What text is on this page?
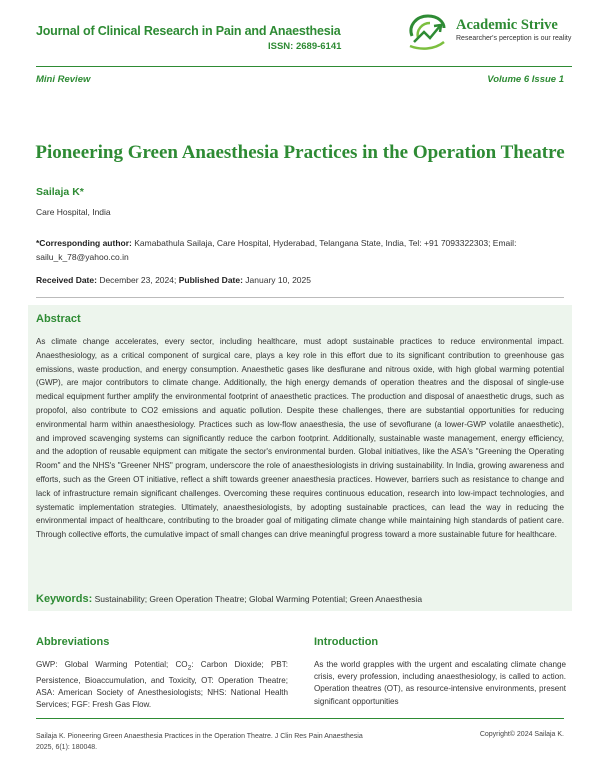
Journal of Clinical Research in Pain and Anaesthesia
ISSN: 2689-6141
Academic Strive
Researcher's perception is our reality
Mini Review	Volume 6 Issue 1
Pioneering Green Anaesthesia Practices in the Operation Theatre
Sailaja K*
Care Hospital, India
*Corresponding author: Kamabathula Sailaja, Care Hospital, Hyderabad, Telangana State, India, Tel: +91 7093322303; Email: sailu_k_78@yahoo.co.in
Received Date: December 23, 2024; Published Date: January 10, 2025
Abstract
As climate change accelerates, every sector, including healthcare, must adopt sustainable practices to reduce environmental impact. Anaesthesiology, as a critical component of surgical care, plays a key role in this effort due to its significant contribution to greenhouse gas emissions, waste production, and energy consumption. Anaesthetic gases like desflurane and nitrous oxide, with high global warming potential (GWP), are major contributors to climate change. Additionally, the high energy demands of operation theatres and the disposal of single-use medical equipment further amplify the environmental footprint of anaesthetic practices. The production and disposal of anaesthetic drugs, such as propofol, also contribute to CO2 emissions and aquatic pollution. Despite these challenges, there are substantial opportunities for reducing environmental harm within anaesthesiology. Practices such as low-flow anaesthesia, the use of sevoflurane (a lower-GWP volatile anaesthetic), and improved scavenging systems can significantly reduce the carbon footprint. Additionally, sustainable waste management, energy efficiency, and the adoption of reusable equipment can mitigate the sector's environmental burden. Global initiatives, like the ASA's "Greening the Operating Room" and the NHS's "Greener NHS" program, underscore the role of anaesthesiologists in driving sustainability. In India, growing awareness and efforts, such as the Green OT initiative, reflect a shift towards greener anaesthesia practices. However, barriers such as resistance to change and lack of infrastructure remain significant challenges. Overcoming these requires continuous education, research into low-impact technologies, and systematic implementation strategies. Ultimately, anaesthesiologists, by adopting sustainable practices, can lead the way in reducing the environmental impact of healthcare, contributing to the broader goal of mitigating climate change while maintaining high standards of patient care. Through collective efforts, the cumulative impact of small changes can drive meaningful progress toward a more sustainable future for healthcare.
Keywords: Sustainability; Green Operation Theatre; Global Warming Potential; Green Anaesthesia
Abbreviations
GWP: Global Warming Potential; $CO_2$: Carbon Dioxide; PBT: Persistence, Bioaccumulation, and Toxicity, OT: Operation Theatre; ASA: American Society of Anesthesiologists; NHS: National Health Services; FGF: Fresh Gas Flow.
Introduction
As the world grapples with the urgent and escalating climate change crisis, every profession, including anaesthesiology, is called to action. Operation theatres (OT), as resource-intensive environments, present significant opportunities
Sailaja K. Pioneering Green Anaesthesia Practices in the Operation Theatre. J Clin Res Pain Anaesthesia 2025, 6(1): 180048.
Copyright© 2024 Sailaja K.
